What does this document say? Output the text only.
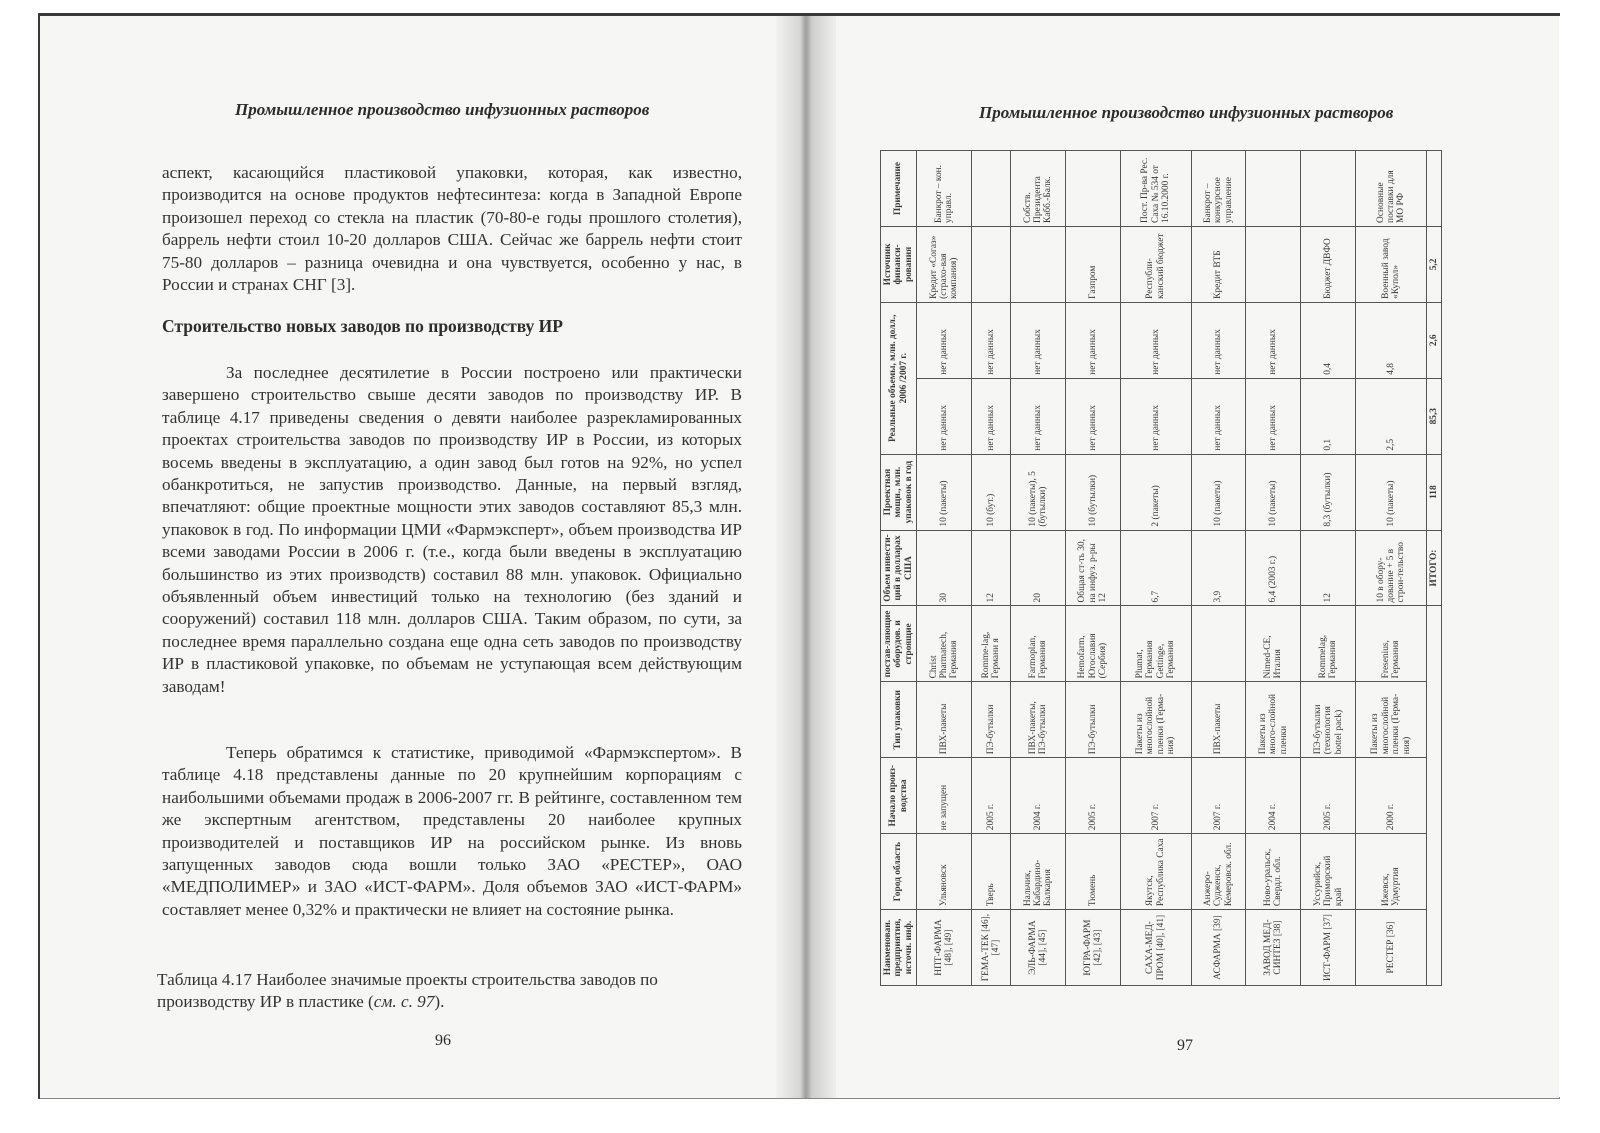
Промышленное производство инфузионных растворов

аспект, касающийся пластиковой упаковки, которая, как известно, производится на основе продуктов нефтесинтеза: когда в Западной Европе произошел переход со стекла на пластик (70-80-е годы прошлого столетия), баррель нефти стоил 10-20 долларов США. Сейчас же баррель нефти стоит 75-80 долларов – разница очевидна и она чувствуется, особенно у нас, в России и странах СНГ [3].

Строительство новых заводов по производству ИР

За последнее десятилетие в России построено или практически завершено строительство свыше десяти заводов по производству ИР. В таблице 4.17 приведены сведения о девяти наиболее разрекламированных проектах строительства заводов по производству ИР в России, из которых восемь введены в эксплуатацию, а один завод был готов на 92%, но успел обанкротиться, не запустив производство. Данные, на первый взгляд, впечатляют: общие проектные мощности этих заводов составляют 85,3 млн. упаковок в год. По информации ЦМИ «Фармэксперт», объем производства ИР всеми заводами России в 2006 г. (т.е., когда были введены в эксплуатацию большинство из этих производств) составил 88 млн. упаковок. Официально объявленный объем инвестиций только на технологию (без зданий и сооружений) составил 118 млн. долларов США. Таким образом, по сути, за последнее время параллельно создана еще одна сеть заводов по производству ИР в пластиковой упаковке, по объемам не уступающая всем действующим заводам!

Теперь обратимся к статистике, приводимой «Фармэкспертом». В таблице 4.18 представлены данные по 20 крупнейшим корпорациям с наибольшими объемами продаж в 2006-2007 гг. В рейтинге, составленном тем же экспертным агентством, представлены 20 наиболее крупных производителей и поставщиков ИР на российском рынке. Из вновь запущенных заводов сюда вошли только ЗАО «РЕСТЕР», ОАО «МЕДПОЛИМЕР» и ЗАО «ИСТ-ФАРМ». Доля объемов ЗАО «ИСТ-ФАРМ» составляет менее 0,32% и практически не влияет на состояние рынка.

Таблица 4.17 Наиболее значимые проекты строительства заводов по производству ИР в пластике (см. с. 97).
96
Промышленное производство инфузионных растворов
Наименован. предприятия, источн. инф.	Город область	Начало произ-водства	Тип упаковки	постав-ляющие оборудов. и строящие	Объем инвести-ций в долларах США	Проектная мощн., млн. упаковок в год	Реальные объемы, млн. долл., 2006 /2007 г.		Источник финанси-рования	Примечание
НПТ-ФАРМА [48], [49]	Ульяновск	не запущен	ПВХ-пакеты	Christ Pharmatech, Германия	30	10 (пакеты)	нет данных	нет данных	Кредит «Согаз» (страхо-вая компания)	Банкрот – кон. управл.
ГЕМА-ТЕК [46], [47]	Тверь	2005 г.	ПЭ-бутылки	Romme-lag, Германи я	12	10 (бут.)	нет данных	нет данных		
ЭЛЬ-ФАРМА [44], [45]	Нальчик, Кабардино-Балкария	2004 г.	ПВХ-пакеты, ПЭ-бутылки	Farmoplan, Германия	20	10 (пакеты), 5 (бутылки)	нет данных	нет данных		Собств. Президента Кабб.-Балк.
ЮГРА-ФАРМ [42], [43]	Тюмень	2005 г.	ПЭ-бутылки	Hemofarm, Югославия (Сербия)	Общая ст-ть 30, на инфуз. р-ры 12	10 (бутылки)	нет данных	нет данных	Газпром	
САХА-МЕД-ПРОМ [40], [41]	Якутск, Республика Саха	2007 г.	Пакеты из многослойной пленки (Герма-ния)	Plumat, Германия Gettinge, Германия	6,7	2 (пакеты)	нет данных	нет данных	Республи-канский бюджет	Пост. Пр-ва Рес. Саха № 534 от 16.10.2000 г.
АСФАРМА [39]	Анжеро-Судженск, Кемеровск. обл.	2007 г.	ПВХ-пакеты		3,9	10 (пакеты)	нет данных	нет данных	Кредит ВТБ	Банкрот – конкурсное управление
ЗАВОД МЕД-СИНТЕЗ [38]	Ново-уральск, Свердл. обл.	2004 г.	Пакеты из много-слойной пленки	Nimed-CE, Италия	6,4 (2003 г.)	10 (пакеты)	нет данных	нет данных		
ИСТ-ФАРМ [37]	Уссурийск, Приморский край	2005 г.	ПЭ-бутылки (технология bottel pack)	Rommelag, Германия	12	8,3 (бутылки)	0,1	0,4	Бюджет ДВФО	
РЕСТЕР [36]	Ижевск, Удмуртия	2000 г.	Пакеты из многослойной пленки (Герма-ния)	Fresenius, Германия	10 в обору-дование + 5 в строи-тельство	10 (пакеты)	2,5	4,8	Военный завод «Купол»	Основные поставки для МО РФ
					ИТОГО:	118	85,3	2,6	5,2	
97
